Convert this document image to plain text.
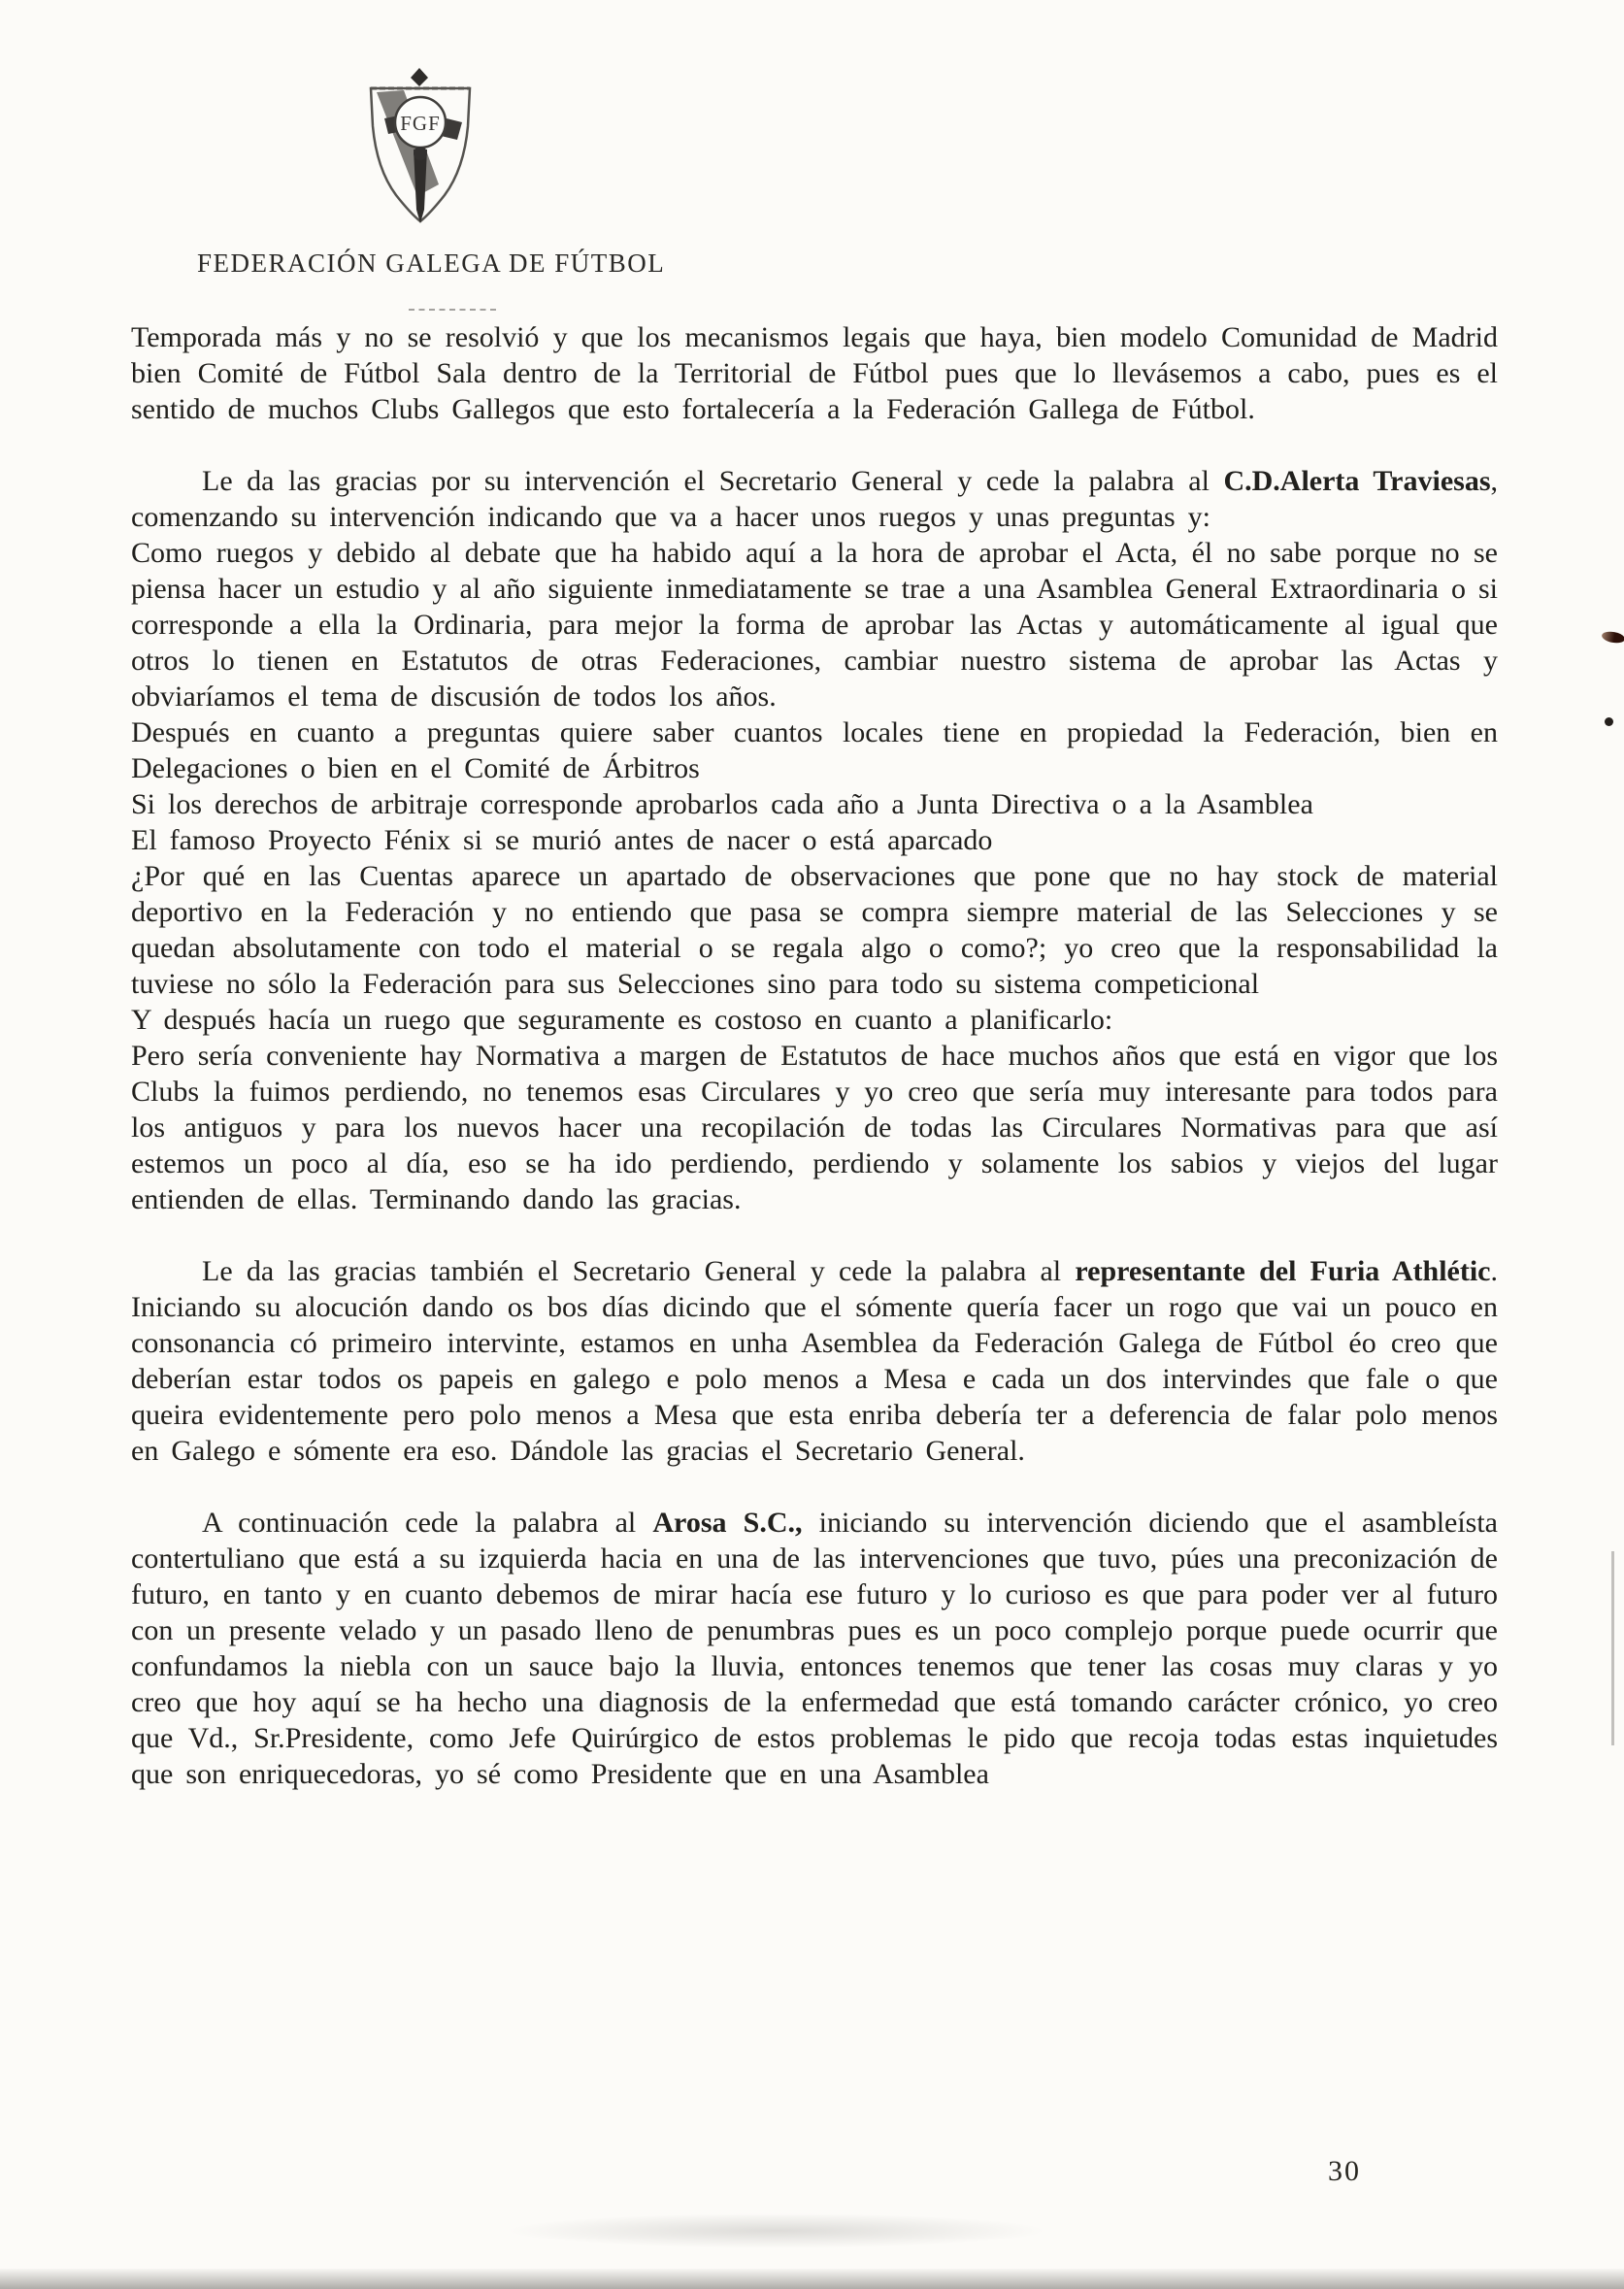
FGF
FEDERACIÓN GALEGA DE FÚTBOL

Temporada más y no se resolvió y que los mecanismos legais que haya, bien modelo Comunidad de Madrid bien Comité de Fútbol Sala dentro de la Territorial de Fútbol pues que lo llevásemos a cabo, pues es el sentido de muchos Clubs Gallegos que esto fortalecería a la Federación Gallega de Fútbol.

Le da las gracias por su intervención el Secretario General y cede la palabra al C.D.Alerta Traviesas, comenzando su intervención indicando que va a hacer unos ruegos y unas preguntas y:

Como ruegos y debido al debate que ha habido aquí a la hora de aprobar el Acta, él no sabe porque no se piensa hacer un estudio y al año siguiente inmediatamente se trae a una Asamblea General Extraordinaria o si corresponde a ella la Ordinaria, para mejor la forma de aprobar las Actas y automáticamente al igual que otros lo tienen en Estatutos de otras Federaciones, cambiar nuestro sistema de aprobar las Actas y obviaríamos el tema de discusión de todos los años.

Después en cuanto a preguntas quiere saber cuantos locales tiene en propiedad la Federación, bien en Delegaciones o bien en el Comité de Árbitros

Si los derechos de arbitraje corresponde aprobarlos cada año a Junta Directiva o a la Asamblea

El famoso Proyecto Fénix si se murió antes de nacer o está aparcado

¿Por qué en las Cuentas aparece un apartado de observaciones que pone que no hay stock de material deportivo en la Federación y no entiendo que pasa se compra siempre material de las Selecciones y se quedan absolutamente con todo el material o se regala algo o como?; yo creo que la responsabilidad la tuviese no sólo la Federación para sus Selecciones sino para todo su sistema competicional

Y después hacía un ruego que seguramente es costoso en cuanto a planificarlo:

Pero sería conveniente hay Normativa a margen de Estatutos de hace muchos años que está en vigor que los Clubs la fuimos perdiendo, no tenemos esas Circulares y yo creo que sería muy interesante para todos para los antiguos y para los nuevos hacer una recopilación de todas las Circulares Normativas para que así estemos un poco al día, eso se ha ido perdiendo, perdiendo y solamente los sabios y viejos del lugar entienden de ellas. Terminando dando las gracias.

Le da las gracias también el Secretario General y cede la palabra al representante del Furia Athlétic. Iniciando su alocución dando os bos días dicindo que el sómente quería facer un rogo que vai un pouco en consonancia có primeiro intervinte, estamos en unha Asemblea da Federación Galega de Fútbol éo creo que deberían estar todos os papeis en galego e polo menos a Mesa e cada un dos intervindes que fale o que queira evidentemente pero polo menos a Mesa que esta enriba debería ter a deferencia de falar polo menos en Galego e sómente era eso. Dándole las gracias el Secretario General.

A continuación cede la palabra al Arosa S.C., iniciando su intervención diciendo que el asambleísta contertuliano que está a su izquierda hacia en una de las intervenciones que tuvo, púes una preconización de futuro, en tanto y en cuanto debemos de mirar hacía ese futuro y lo curioso es que para poder ver al futuro con un presente velado y un pasado lleno de penumbras pues es un poco complejo porque puede ocurrir que confundamos la niebla con un sauce bajo la lluvia, entonces tenemos que tener las cosas muy claras y yo creo que hoy aquí se ha hecho una diagnosis de la enfermedad que está tomando carácter crónico, yo creo que Vd., Sr.Presidente, como Jefe Quirúrgico de estos problemas le pido que recoja todas estas inquietudes que son enriquecedoras, yo sé como Presidente que en una Asamblea

30
